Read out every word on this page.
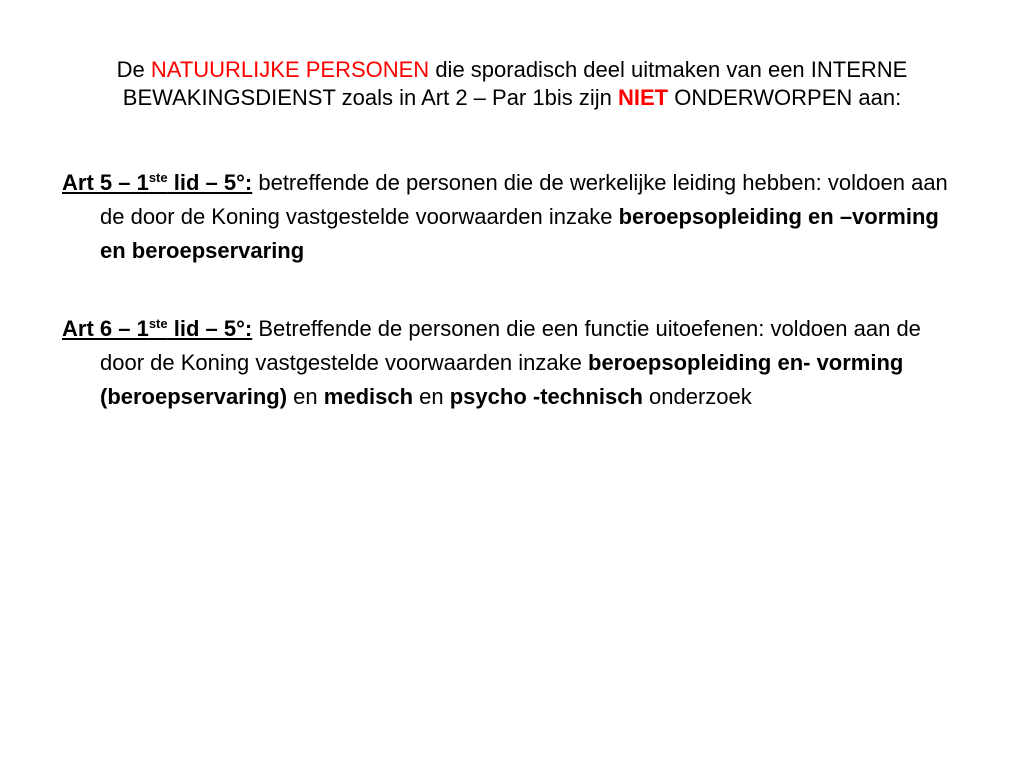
De NATUURLIJKE PERSONEN die sporadisch deel uitmaken van een INTERNE
BEWAKINGSDIENST zoals in Art 2 – Par 1bis zijn NIET ONDERWORPEN aan:

Art 5 – 1ste lid – 5°: betreffende de personen die de werkelijke leiding hebben: voldoen aan de door de Koning vastgestelde voorwaarden inzake beroepsopleiding en –vorming en beroepservaring

Art 6 – 1ste lid – 5°: Betreffende de personen die een functie uitoefenen: voldoen aan de door de Koning vastgestelde voorwaarden inzake beroepsopleiding en- vorming (beroepservaring) en medisch en psycho -technisch onderzoek
